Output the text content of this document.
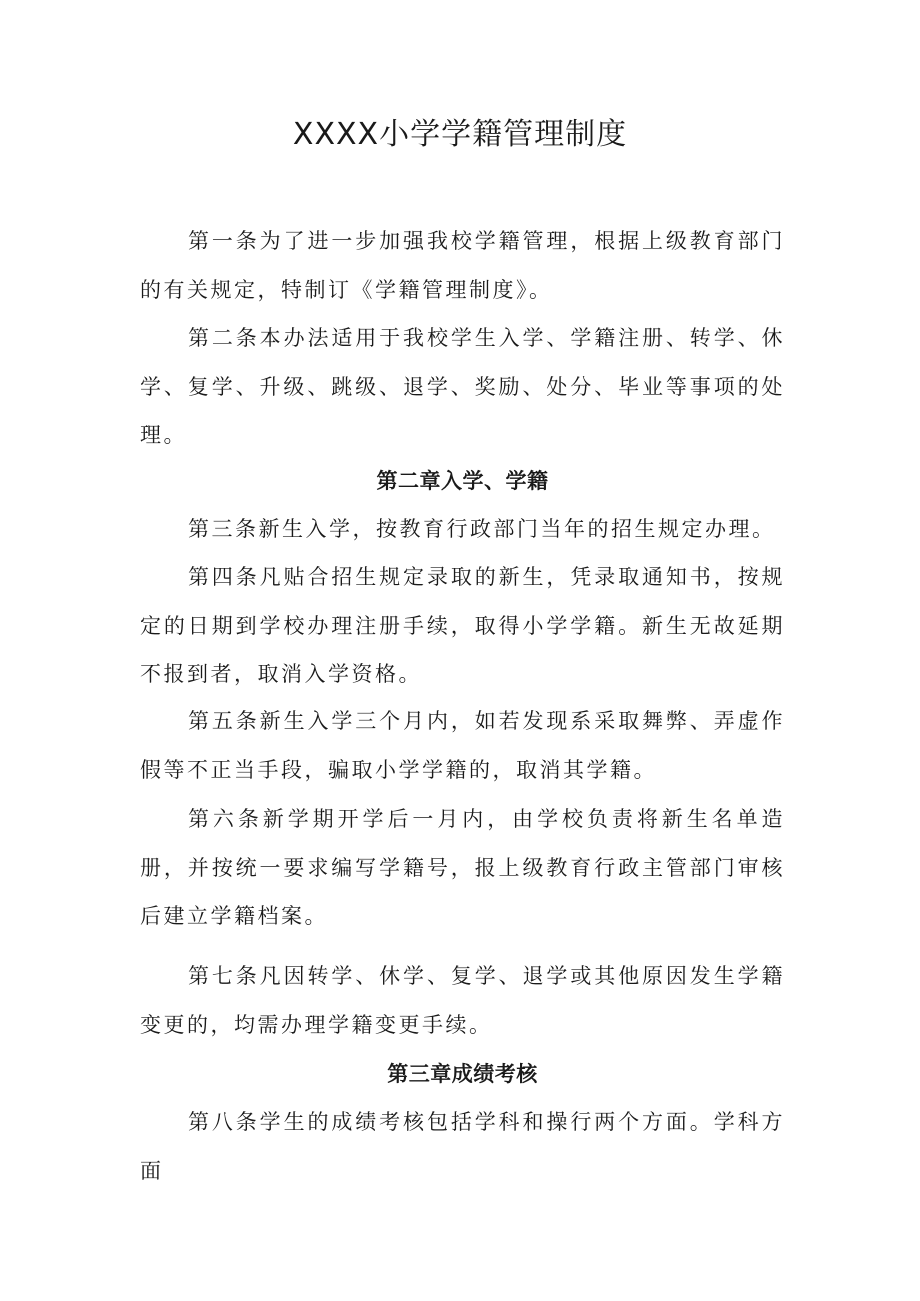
XXXX小学学籍管理制度

第一条为了进一步加强我校学籍管理，根据上级教育部门的有关规定，特制订《学籍管理制度》。

第二条本办法适用于我校学生入学、学籍注册、转学、休学、复学、升级、跳级、退学、奖励、处分、毕业等事项的处理。

第二章入学、学籍

第三条新生入学，按教育行政部门当年的招生规定办理。

第四条凡贴合招生规定录取的新生，凭录取通知书，按规定的日期到学校办理注册手续，取得小学学籍。新生无故延期不报到者，取消入学资格。

第五条新生入学三个月内，如若发现系采取舞弊、弄虚作假等不正当手段，骗取小学学籍的，取消其学籍。

第六条新学期开学后一月内，由学校负责将新生名单造册，并按统一要求编写学籍号，报上级教育行政主管部门审核后建立学籍档案。

第七条凡因转学、休学、复学、退学或其他原因发生学籍变更的，均需办理学籍变更手续。

第三章成绩考核

第八条学生的成绩考核包括学科和操行两个方面。学科方面
